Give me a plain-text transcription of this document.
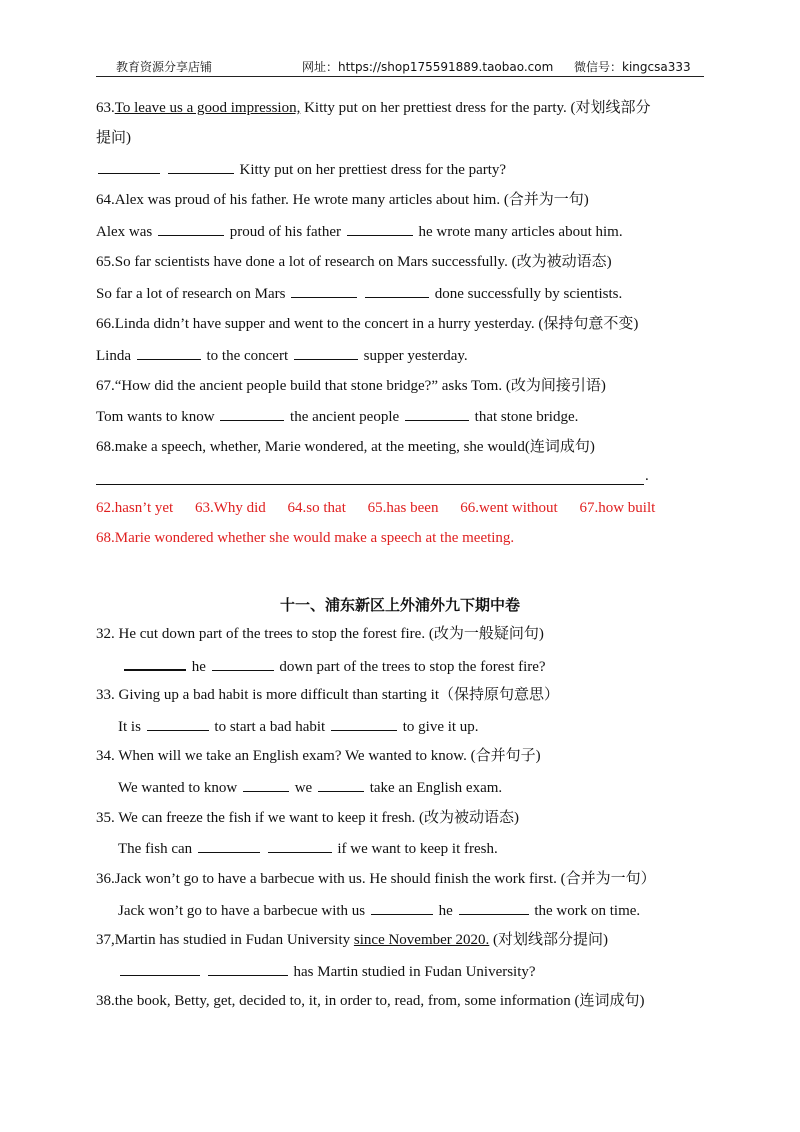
教育资源分享店铺	网址：https://shop175591889.taobao.com 微信号：kingcsa333
63.To leave us a good impression, Kitty put on her prettiest dress for the party. (对划线部分
提问)
Kitty put on her prettiest dress for the party?
64.Alex was proud of his father. He wrote many articles about him. (合并为一句)
Alex was	proud of his father	he wrote many articles about him.
65.So far scientists have done a lot of research on Mars successfully. (改为被动语态)
So far a lot of research on Mars	done successfully by scientists.
66.Linda didn’t have supper and went to the concert in a hurry yesterday. (保持句意不变)
Linda	to the concert	supper yesterday.
67.“How did the ancient people build that stone bridge?” asks Tom. (改为间接引语)
Tom wants to know	the ancient people	that stone bridge.
68.make a speech, whether, Marie wondered, at the meeting, she would(连词成句)
.
62.hasn’t yet 63.Why did 64.so that 65.has been 66.went without 67.how built
68.Marie wondered whether she would make a speech at the meeting.
十一、浦东新区上外浦外九下期中卷
32. He cut down part of the trees to stop the forest fire. (改为一般疑问句)
he	down part of the trees to stop the forest fire?
33. Giving up a bad habit is more difficult than starting it（保持原句意思）
It is	to start a bad habit	to give it up.
34. When will we take an English exam? We wanted to know. (合并句子)
We wanted to know	we	take an English exam.
35. We can freeze the fish if we want to keep it fresh. (改为被动语态)
The fish can	if we want to keep it fresh.
36.Jack won’t go to have a barbecue with us. He should finish the work first. (合并为一句）
Jack won’t go to have a barbecue with us	he	the work on time.
37,Martin has studied in Fudan University since November 2020. (对划线部分提问)
has Martin studied in Fudan University?
38.the book, Betty, get, decided to, it, in order to, read, from, some information (连词成句)
